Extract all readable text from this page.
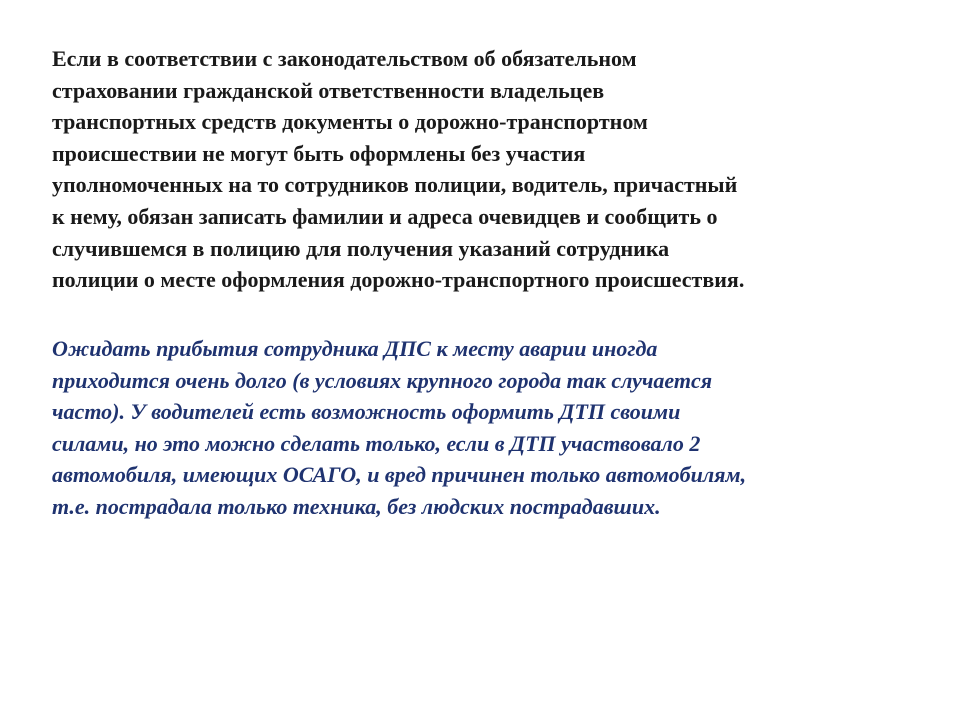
Если в соответствии с законодательством об обязательном
страховании гражданской ответственности владельцев
транспортных средств документы о дорожно-транспортном
происшествии не могут быть оформлены без участия
уполномоченных на то сотрудников полиции, водитель, причастный
к нему, обязан записать фамилии и адреса очевидцев и сообщить о
случившемся в полицию для получения указаний сотрудника
полиции о месте оформления дорожно-транспортного происшествия.

Ожидать прибытия сотрудника ДПС к месту аварии иногда
приходится очень долго (в условиях крупного города так случается
часто). У водителей есть возможность оформить ДТП своими
силами, но это можно сделать только, если в ДТП участвовало 2
автомобиля, имеющих ОСАГО, и вред причинен только автомобилям,
т.е. пострадала только техника, без людских пострадавших.
